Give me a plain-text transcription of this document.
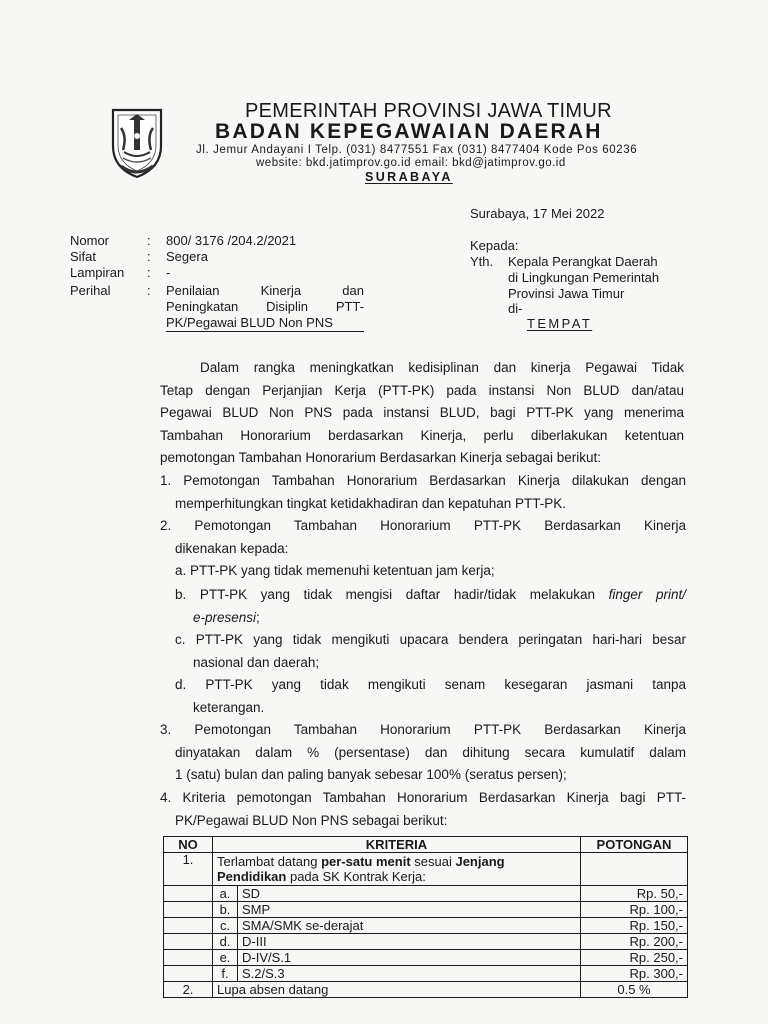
PEMERINTAH PROVINSI JAWA TIMUR
BADAN KEPEGAWAIAN DAERAH
Jl. Jemur Andayani I Telp. (031) 8477551 Fax (031) 8477404 Kode Pos 60236
website: bkd.jatimprov.go.id email: bkd@jatimprov.go.id
SURABAYA
Surabaya, 17 Mei 2022
Nomor	: 800/ 3176 /204.2/2021
Sifat	: Segera
Lampiran : -
Perihal	: Penilaian	Kinerja	dan
Peningkatan Disiplin PTT-
PK/Pegawai BLUD Non PNS
Kepada:
Yth. Kepala Perangkat Daerah
di Lingkungan Pemerintah
Provinsi Jawa Timur
di-
TEMPAT
Dalam rangka meningkatkan kedisiplinan dan kinerja Pegawai Tidak
Tetap dengan Perjanjian Kerja (PTT-PK) pada instansi Non BLUD dan/atau
Pegawai BLUD Non PNS pada instansi BLUD, bagi PTT-PK yang menerima
Tambahan Honorarium berdasarkan Kinerja, perlu diberlakukan ketentuan
pemotongan Tambahan Honorarium Berdasarkan Kinerja sebagai berikut:
1. Pemotongan Tambahan Honorarium Berdasarkan Kinerja dilakukan dengan
memperhitungkan tingkat ketidakhadiran dan kepatuhan PTT-PK.
2. Pemotongan Tambahan Honorarium PTT-PK Berdasarkan Kinerja
dikenakan kepada:
a. PTT-PK yang tidak memenuhi ketentuan jam kerja;
b. PTT-PK yang tidak mengisi daftar hadir/tidak melakukan finger print/
e-presensi;
c. PTT-PK yang tidak mengikuti upacara bendera peringatan hari-hari besar
nasional dan daerah;
d. PTT-PK yang tidak mengikuti senam kesegaran jasmani tanpa
keterangan.
3. Pemotongan Tambahan Honorarium PTT-PK Berdasarkan Kinerja
dinyatakan dalam % (persentase) dan dihitung secara kumulatif dalam
1 (satu) bulan dan paling banyak sebesar 100% (seratus persen);
4. Kriteria pemotongan Tambahan Honorarium Berdasarkan Kinerja bagi PTT-
PK/Pegawai BLUD Non PNS sebagai berikut:
NO	KRITERIA		POTONGAN
1.	Terlambat datang per-satu menit sesuai Jenjang
Pendidikan pada SK Kontrak Kerja:		
	a.	SD	Rp. 50,-
	b.	SMP	Rp. 100,-
	c.	SMA/SMK se-derajat	Rp. 150,-
	d.	D-III	Rp. 200,-
	e.	D-IV/S.1	Rp. 250,-
	f.	S.2/S.3	Rp. 300,-
2.	Lupa absen datang		0.5 %
